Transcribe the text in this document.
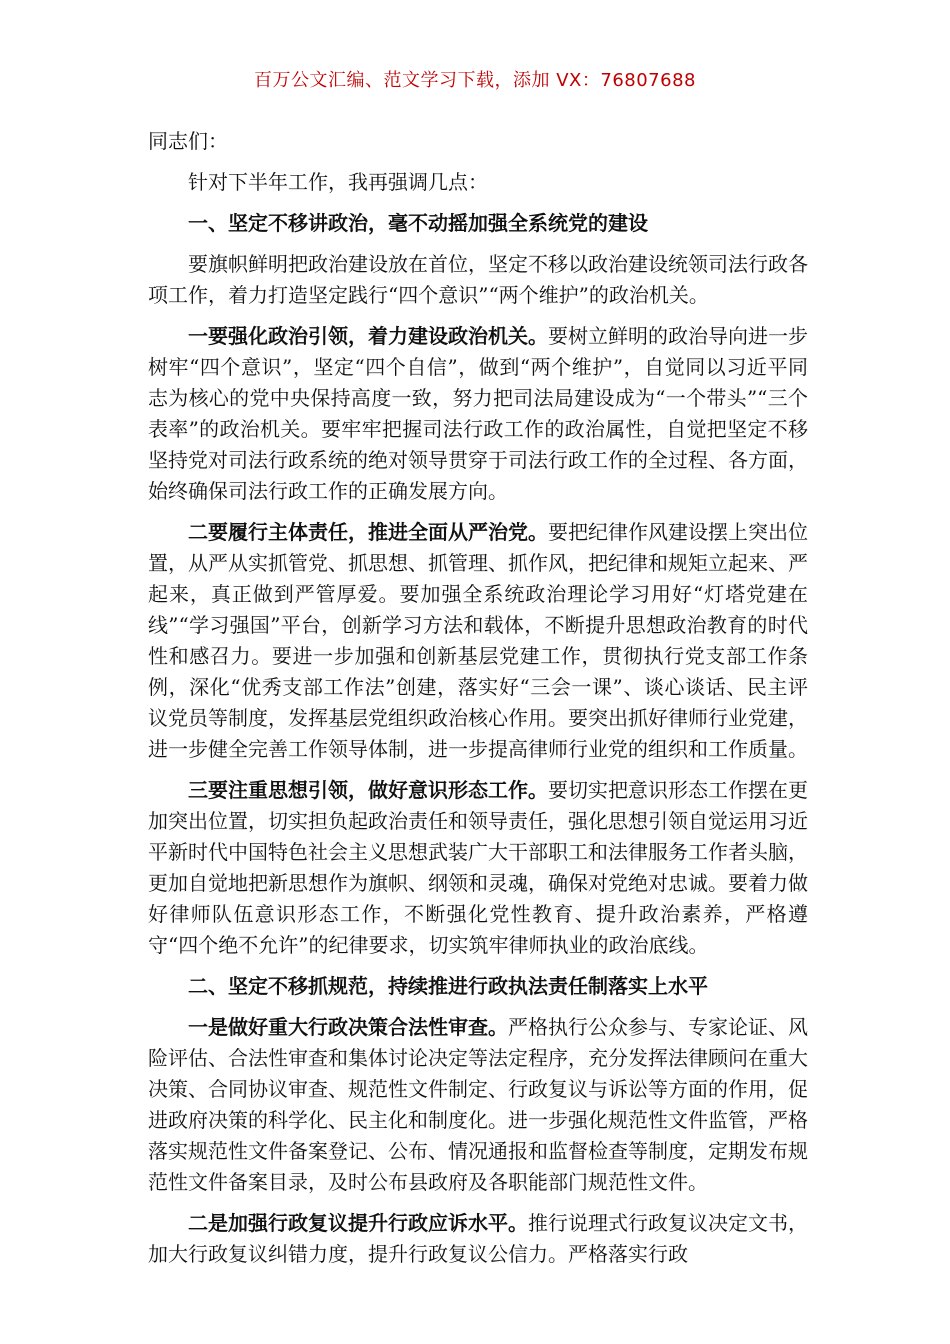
百万公文汇编、范文学习下载，添加 VX：76807688

同志们：

针对下半年工作，我再强调几点：

一、坚定不移讲政治，毫不动摇加强全系统党的建设

要旗帜鲜明把政治建设放在首位，坚定不移以政治建设统领司法行政各项工作，着力打造坚定践行“四个意识”“两个维护”的政治机关。

一要强化政治引领，着力建设政治机关。要树立鲜明的政治导向进一步树牢“四个意识”，坚定“四个自信”，做到“两个维护”，自觉同以习近平同志为核心的党中央保持高度一致，努力把司法局建设成为“一个带头”“三个表率”的政治机关。要牢牢把握司法行政工作的政治属性，自觉把坚定不移坚持党对司法行政系统的绝对领导贯穿于司法行政工作的全过程、各方面，始终确保司法行政工作的正确发展方向。

二要履行主体责任，推进全面从严治党。要把纪律作风建设摆上突出位置，从严从实抓管党、抓思想、抓管理、抓作风，把纪律和规矩立起来、严起来，真正做到严管厚爱。要加强全系统政治理论学习用好“灯塔党建在线”“学习强国”平台，创新学习方法和载体，不断提升思想政治教育的时代性和感召力。要进一步加强和创新基层党建工作，贯彻执行党支部工作条例，深化“优秀支部工作法”创建，落实好“三会一课”、谈心谈话、民主评议党员等制度，发挥基层党组织政治核心作用。要突出抓好律师行业党建，进一步健全完善工作领导体制，进一步提高律师行业党的组织和工作质量。

三要注重思想引领，做好意识形态工作。要切实把意识形态工作摆在更加突出位置，切实担负起政治责任和领导责任，强化思想引领自觉运用习近平新时代中国特色社会主义思想武装广大干部职工和法律服务工作者头脑，更加自觉地把新思想作为旗帜、纲领和灵魂，确保对党绝对忠诚。要着力做好律师队伍意识形态工作，不断强化党性教育、提升政治素养，严格遵守“四个绝不允许”的纪律要求，切实筑牢律师执业的政治底线。

二、坚定不移抓规范，持续推进行政执法责任制落实上水平

一是做好重大行政决策合法性审查。严格执行公众参与、专家论证、风险评估、合法性审查和集体讨论决定等法定程序，充分发挥法律顾问在重大决策、合同协议审查、规范性文件制定、行政复议与诉讼等方面的作用，促进政府决策的科学化、民主化和制度化。进一步强化规范性文件监管，严格落实规范性文件备案登记、公布、情况通报和监督检查等制度，定期发布规范性文件备案目录，及时公布县政府及各职能部门规范性文件。

二是加强行政复议提升行政应诉水平。推行说理式行政复议决定文书，加大行政复议纠错力度，提升行政复议公信力。严格落实行政
